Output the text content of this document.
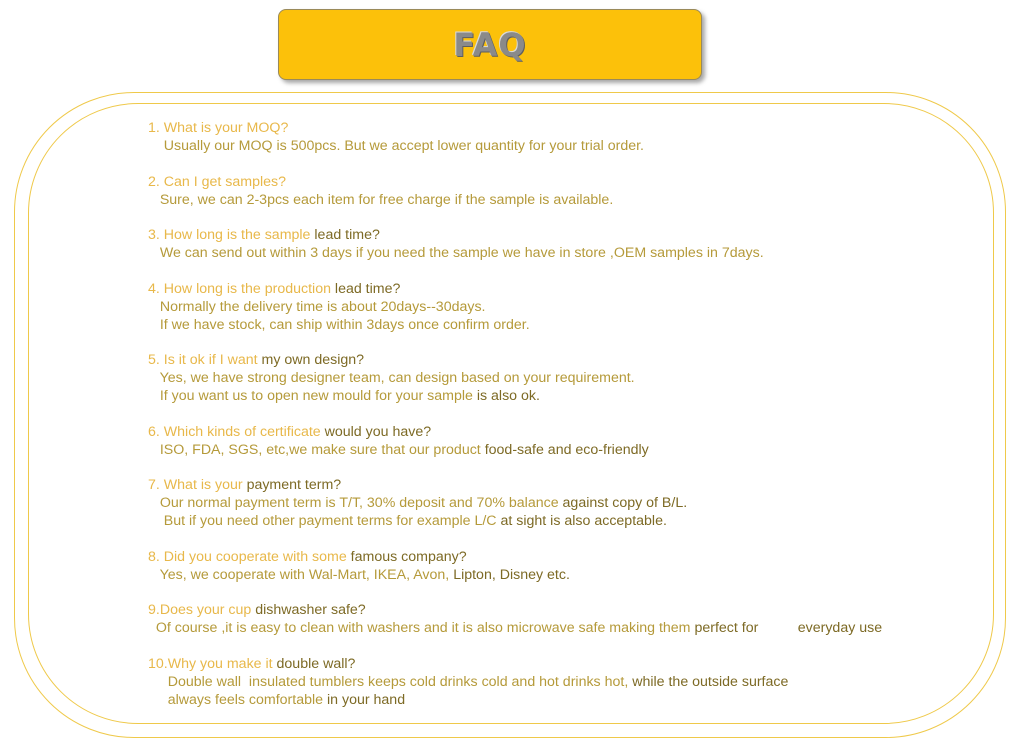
FAQ
1. What is your MOQ?
Usually our MOQ is 500pcs. But we accept lower quantity for your trial order.
2. Can I get samples?
Sure, we can 2-3pcs each item for free charge if the sample is available.
3. How long is the sample lead time?
We can send out within 3 days if you need the sample we have in store ,OEM samples in 7days.
4. How long is the production lead time?
Normally the delivery time is about 20days--30days.
If we have stock, can ship within 3days once confirm order.
5. Is it ok if I want my own design?
Yes, we have strong designer team, can design based on your requirement.
If you want us to open new mould for your sample is also ok.
6. Which kinds of certificate would you have?
ISO, FDA, SGS, etc,we make sure that our product food-safe and eco-friendly
7. What is your payment term?
Our normal payment term is T/T, 30% deposit and 70% balance against copy of B/L.
But if you need other payment terms for example L/C at sight is also acceptable.
8. Did you cooperate with some famous company?
Yes, we cooperate with Wal-Mart, IKEA, Avon, Lipton, Disney etc.
9.Does your cup dishwasher safe?
Of course ,it is easy to clean with washers and it is also microwave safe making them perfect for          everyday use
10.Why you make it double wall?
Double wall  insulated tumblers keeps cold drinks cold and hot drinks hot, while the outside surface
always feels comfortable in your hand
